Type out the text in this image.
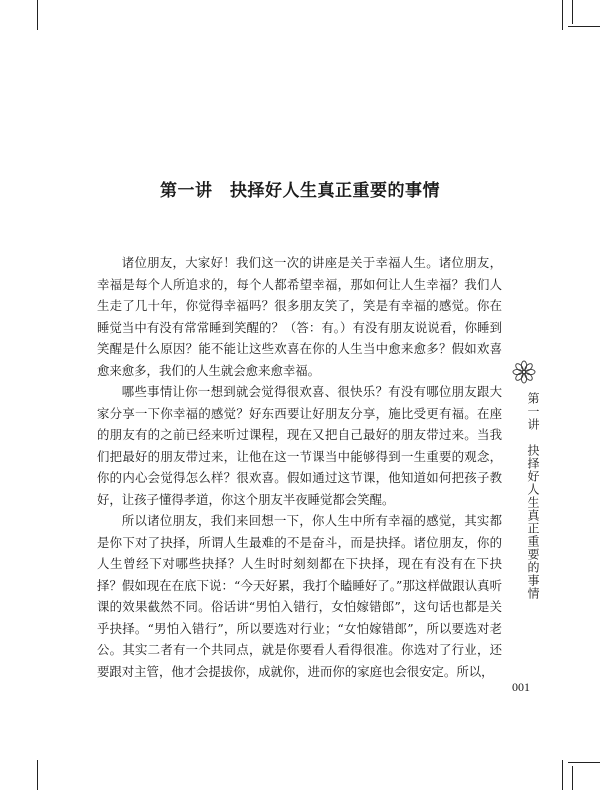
第一讲　抉择好人生真正重要的事情

诸位朋友，大家好！我们这一次的讲座是关于幸福人生。诸位朋友，幸福是每个人所追求的，每个人都希望幸福，那如何让人生幸福？我们人生走了几十年，你觉得幸福吗？很多朋友笑了，笑是有幸福的感觉。你在睡觉当中有没有常常睡到笑醒的？（答：有。）有没有朋友说说看，你睡到笑醒是什么原因？能不能让这些欢喜在你的人生当中愈来愈多？假如欢喜愈来愈多，我们的人生就会愈来愈幸福。

哪些事情让你一想到就会觉得很欢喜、很快乐？有没有哪位朋友跟大家分享一下你幸福的感觉？好东西要让好朋友分享，施比受更有福。在座的朋友有的之前已经来听过课程，现在又把自己最好的朋友带过来。当我们把最好的朋友带过来，让他在这一节课当中能够得到一生重要的观念，你的内心会觉得怎么样？很欢喜。假如通过这节课，他知道如何把孩子教好，让孩子懂得孝道，你这个朋友半夜睡觉都会笑醒。

所以诸位朋友，我们来回想一下，你人生中所有幸福的感觉，其实都是你下对了抉择，所谓人生最难的不是奋斗，而是抉择。诸位朋友，你的人生曾经下对哪些抉择？人生时时刻刻都在下抉择，现在有没有在下抉择？假如现在在底下说：“今天好累，我打个瞌睡好了。”那这样做跟认真听课的效果截然不同。俗话讲“男怕入错行，女怕嫁错郎”，这句话也都是关乎抉择。“男怕入错行”，所以要选对行业；“女怕嫁错郎”，所以要选对老公。其实二者有一个共同点，就是你要看人看得很准。你选对了行业，还要跟对主管，他才会提拔你，成就你，进而你的家庭也会很安定。所以，

第一讲　抉择好人生真正重要的事情
001
